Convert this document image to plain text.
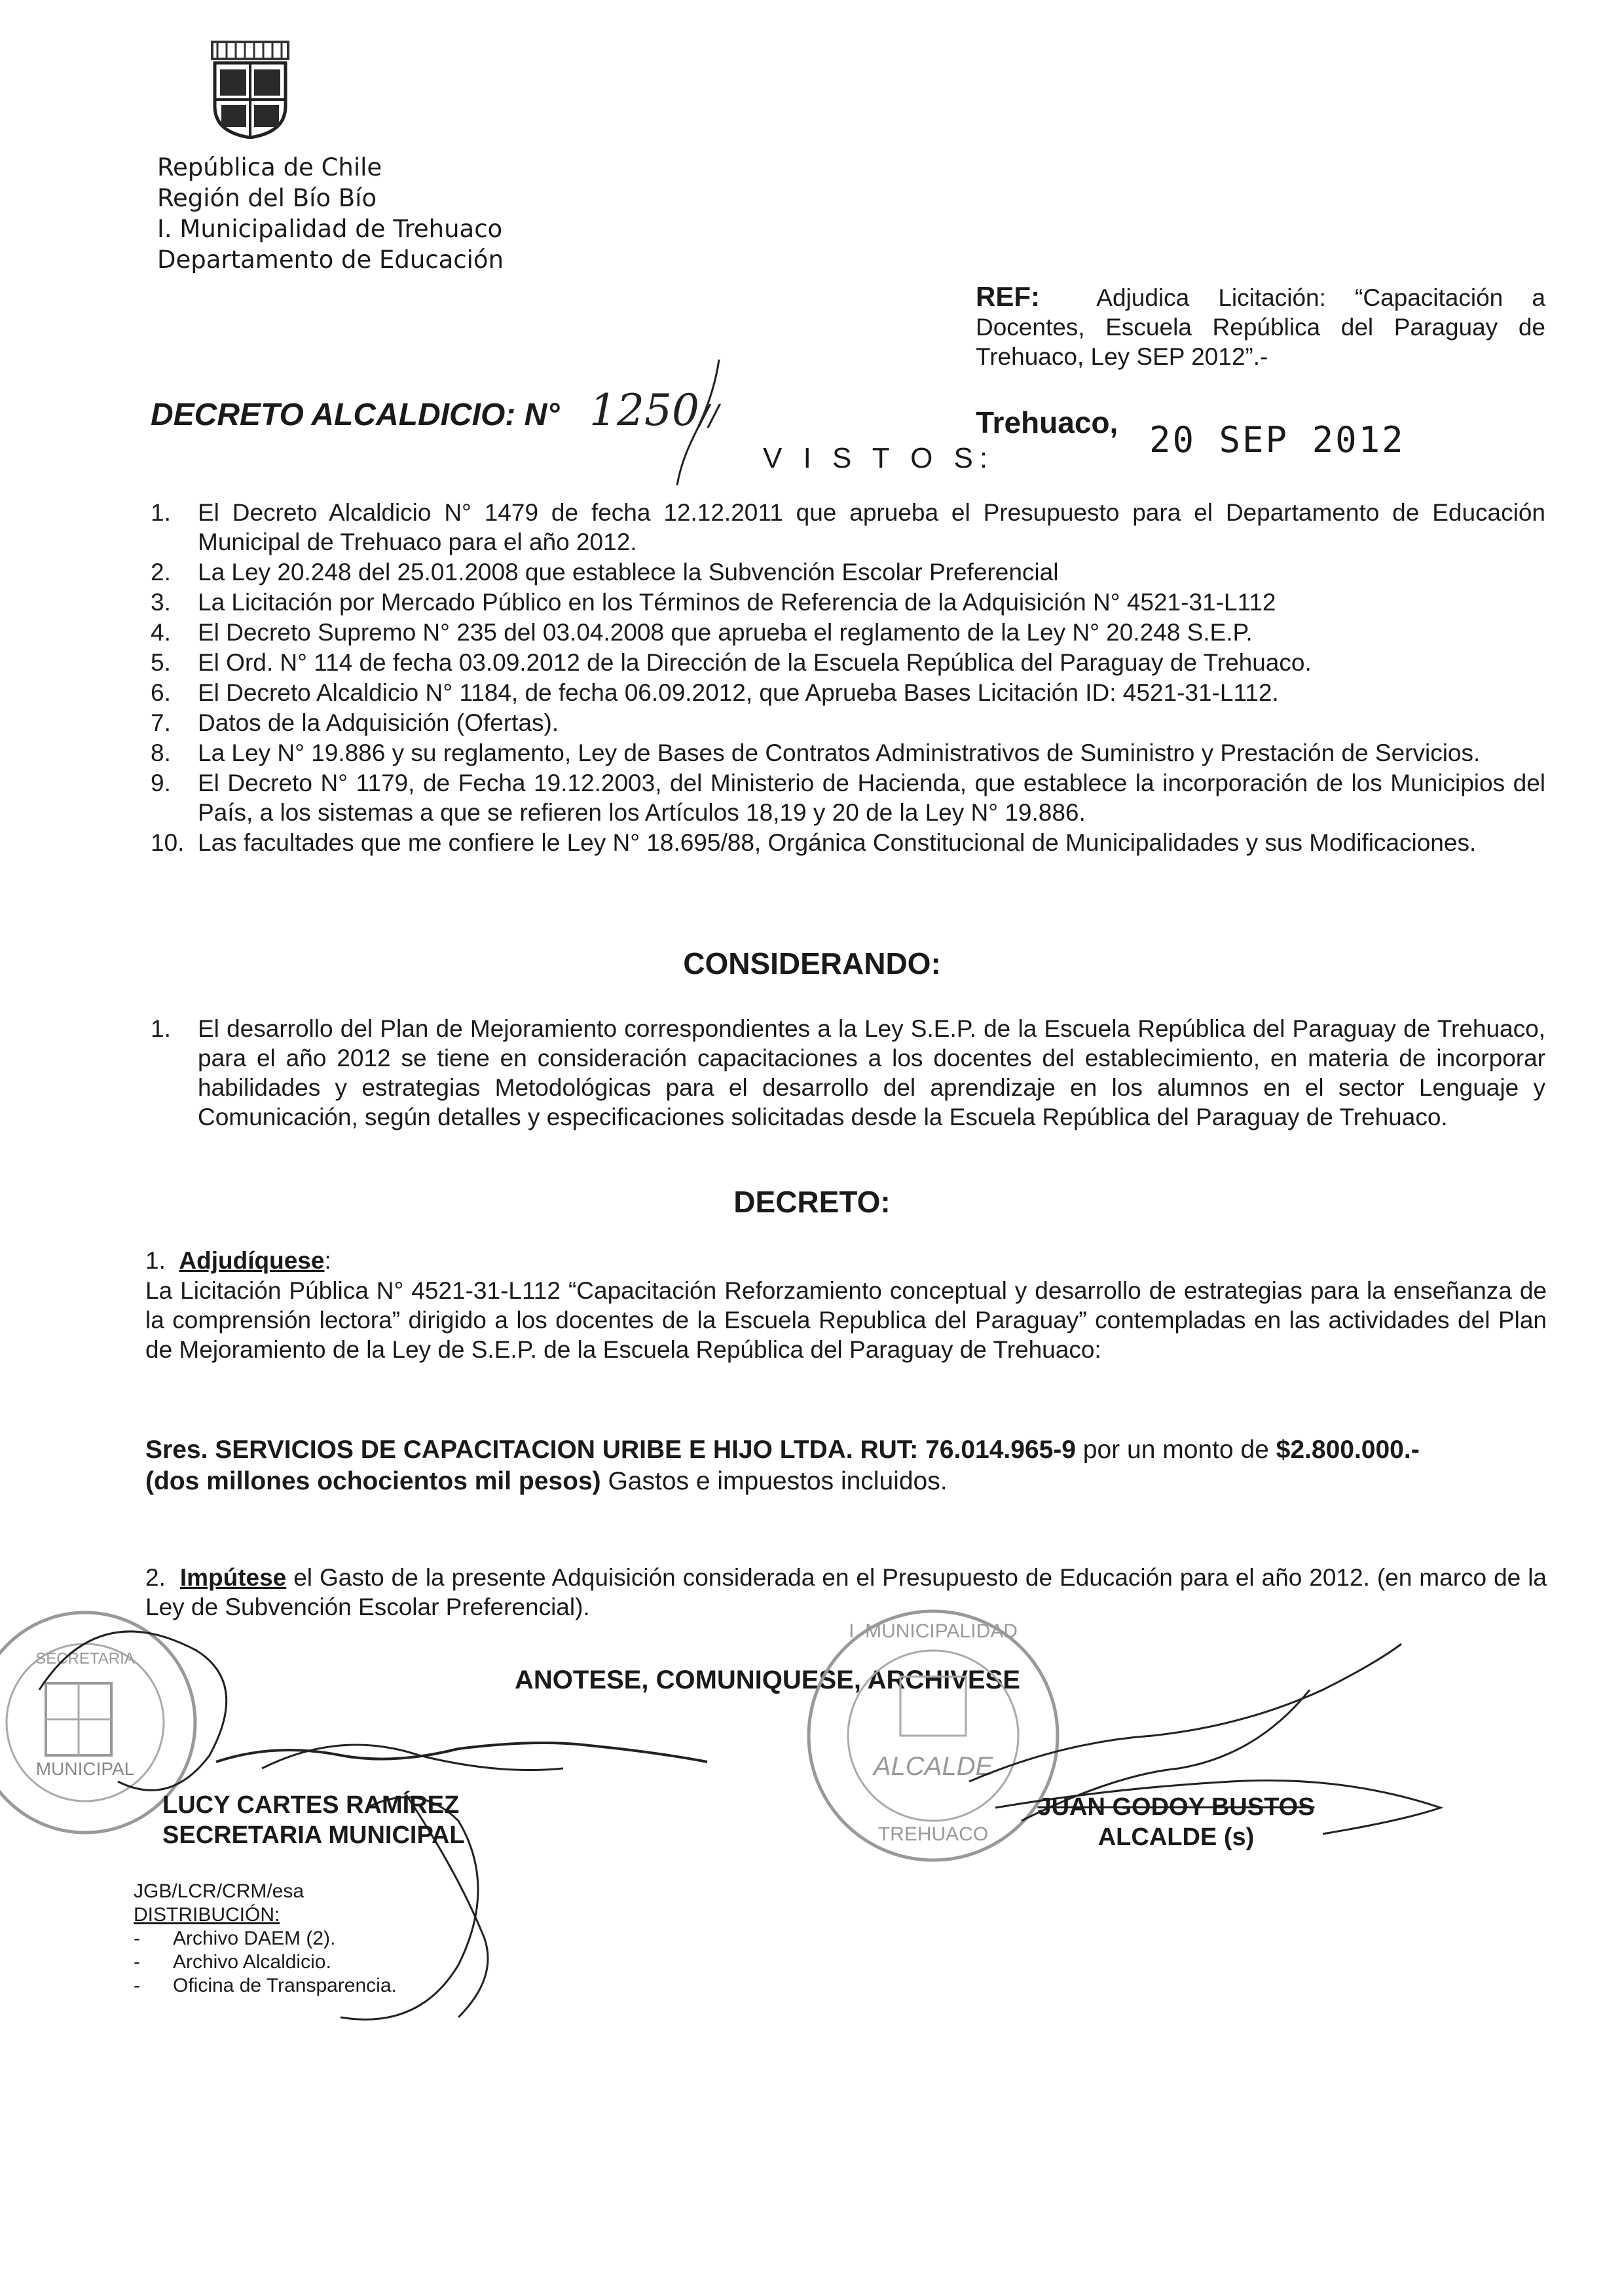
República de Chile
Región del Bío Bío
I. Municipalidad de Trehuaco
Departamento de Educación
REF: Adjudica Licitación: “Capacitación a Docentes, Escuela República del Paraguay de Trehuaco, Ley SEP 2012”.-
DECRETO ALCALDICIO: N° 1250//
V I S T O S:
Trehuaco, 20 SEP 2012
1.	El Decreto Alcaldicio N° 1479 de fecha 12.12.2011 que aprueba el Presupuesto para el Departamento de Educación Municipal de Trehuaco para el año 2012.
2.	La Ley 20.248 del 25.01.2008 que establece la Subvención Escolar Preferencial
3.	La Licitación por Mercado Público en los Términos de Referencia de la Adquisición N° 4521-31-L112
4.	El Decreto Supremo N° 235 del 03.04.2008 que aprueba el reglamento de la Ley N° 20.248 S.E.P.
5.	El Ord. N° 114 de fecha 03.09.2012 de la Dirección de la Escuela República del Paraguay de Trehuaco.
6.	El Decreto Alcaldicio N° 1184, de fecha 06.09.2012, que Aprueba Bases Licitación ID: 4521-31-L112.
7.	Datos de la Adquisición (Ofertas).
8.	La Ley N° 19.886 y su reglamento, Ley de Bases de Contratos Administrativos de Suministro y Prestación de Servicios.
9.	El Decreto N° 1179, de Fecha 19.12.2003, del Ministerio de Hacienda, que establece la incorporación de los Municipios del País, a los sistemas a que se refieren los Artículos 18,19 y 20 de la Ley N° 19.886.
10. Las facultades que me confiere le Ley N° 18.695/88, Orgánica Constitucional de Municipalidades y sus Modificaciones.
CONSIDERANDO:
1.	El desarrollo del Plan de Mejoramiento correspondientes a la Ley S.E.P. de la Escuela República del Paraguay de Trehuaco, para el año 2012 se tiene en consideración capacitaciones a los docentes del establecimiento, en materia de incorporar habilidades y estrategias Metodológicas para el desarrollo del aprendizaje en los alumnos en el sector Lenguaje y Comunicación, según detalles y especificaciones solicitadas desde la Escuela República del Paraguay de Trehuaco.
DECRETO:
1. Adjudíquese:
La Licitación Pública N° 4521-31-L112 “Capacitación Reforzamiento conceptual y desarrollo de estrategias para la enseñanza de la comprensión lectora” dirigido a los docentes de la Escuela Republica del Paraguay” contempladas en las actividades del Plan de Mejoramiento de la Ley de S.E.P. de la Escuela República del Paraguay de Trehuaco:
Sres. SERVICIOS DE CAPACITACION URIBE E HIJO LTDA. RUT: 76.014.965-9 por un monto de $2.800.000.-
(dos millones ochocientos mil pesos) Gastos e impuestos incluidos.
2. Impútese el Gasto de la presente Adquisición considerada en el Presupuesto de Educación para el año 2012. (en marco de la Ley de Subvención Escolar Preferencial).
ANOTESE, COMUNIQUESE, ARCHIVESE
MUNICIPAL
SECRETARIA
I. MUNICIPALIDAD
ALCALDE
TREHUACO
LUCY CARTES RAMÍREZ
SECRETARIA MUNICIPAL
JUAN GODOY BUSTOS
ALCALDE (s)
JGB/LCR/CRM/esa
DISTRIBUCIÓN:
-      Archivo DAEM (2).
-      Archivo Alcaldicio.
-      Oficina de Transparencia.
